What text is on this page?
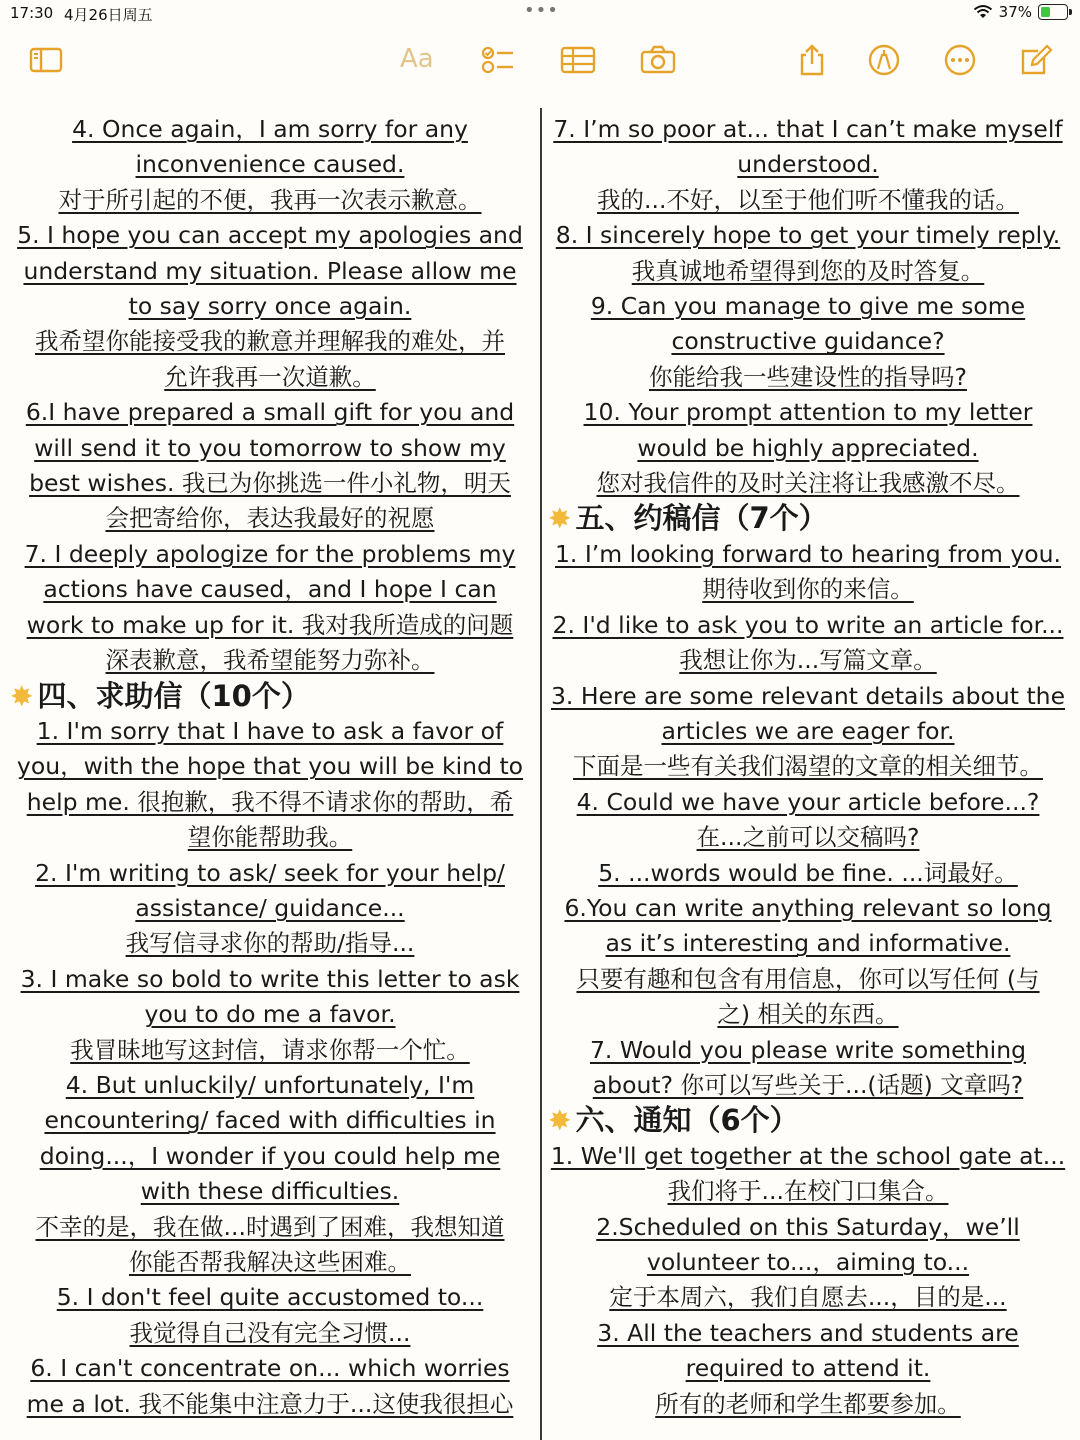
17:30 4月26日周五	•••	37%
Aa
4. Once again，I am sorry for any
inconvenience caused.
对于所引起的不便，我再一次表示歉意。
5. I hope you can accept my apologies and
understand my situation. Please allow me
to say sorry once again.
我希望你能接受我的歉意并理解我的难处，并
允许我再一次道歉。
6.I have prepared a small gift for you and
will send it to you tomorrow to show my
best wishes. 我已为你挑选一件小礼物，明天
会把寄给你，表达我最好的祝愿
7. I deeply apologize for the problems my
actions have caused，and I hope I can
work to make up for it. 我对我所造成的问题
深表歉意，我希望能努力弥补。
✸ 四、求助信（10个）
1. I'm sorry that I have to ask a favor of
you，with the hope that you will be kind to
help me. 很抱歉，我不得不请求你的帮助，希
望你能帮助我。
2. I'm writing to ask/ seek for your help/
assistance/ guidance...
我写信寻求你的帮助/指导...
3. I make so bold to write this letter to ask
you to do me a favor.
我冒昧地写这封信，请求你帮一个忙。
4. But unluckily/ unfortunately, I'm
encountering/ faced with difficulties in
doing...，I wonder if you could help me
with these difficulties.
不幸的是，我在做...时遇到了困难，我想知道
你能否帮我解决这些困难。
5. I don't feel quite accustomed to...
我觉得自己没有完全习惯...
6. I can't concentrate on... which worries
me a lot. 我不能集中注意力于...这使我很担心
7. I’m so poor at... that I can’t make myself
understood.
我的...不好，以至于他们听不懂我的话。
8. I sincerely hope to get your timely reply.
我真诚地希望得到您的及时答复。
9. Can you manage to give me some
constructive guidance?
你能给我一些建设性的指导吗?
10. Your prompt attention to my letter
would be highly appreciated.
您对我信件的及时关注将让我感激不尽。
✸ 五、约稿信（7个）
1. I’m looking forward to hearing from you.
期待收到你的来信。
2. I'd like to ask you to write an article for...
我想让你为...写篇文章。
3. Here are some relevant details about the
articles we are eager for.
下面是一些有关我们渴望的文章的相关细节。
4. Could we have your article before...?
在...之前可以交稿吗?
5. ...words would be fine. ...词最好。
6.You can write anything relevant so long
as it’s interesting and informative.
只要有趣和包含有用信息，你可以写任何 (与
之) 相关的东西。
7. Would you please write something
about? 你可以写些关于...(话题) 文章吗?
✸ 六、通知（6个）
1. We'll get together at the school gate at...
我们将于...在校门口集合。
2.Scheduled on this Saturday，we’ll
volunteer to...，aiming to...
定于本周六，我们自愿去...，目的是...
3. All the teachers and students are
required to attend it.
所有的老师和学生都要参加。
